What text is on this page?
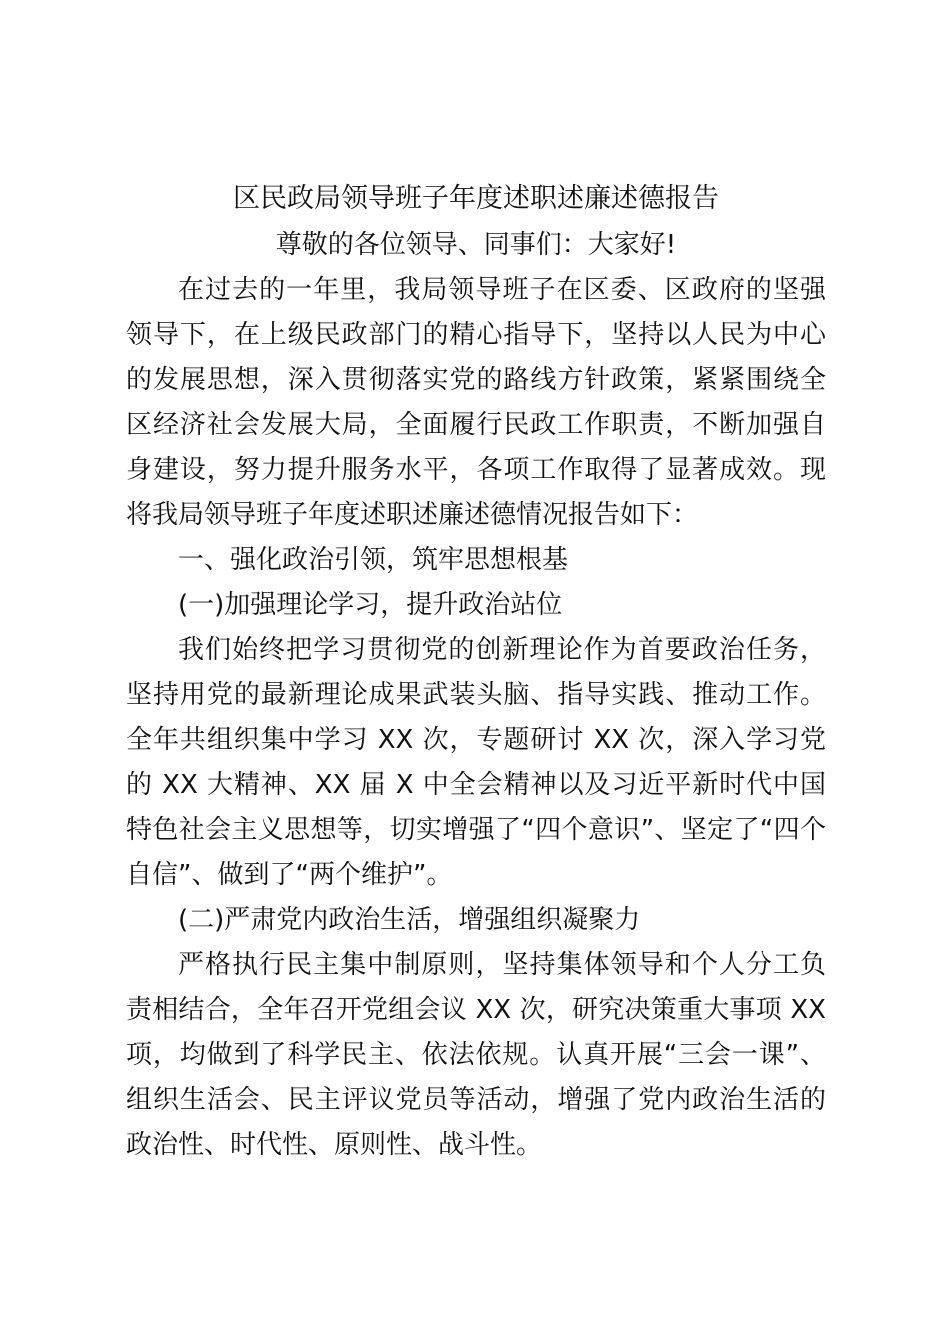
区民政局领导班子年度述职述廉述德报告

尊敬的各位领导、同事们：大家好!

在过去的一年里，我局领导班子在区委、区政府的坚强领导下，在上级民政部门的精心指导下，坚持以人民为中心的发展思想，深入贯彻落实党的路线方针政策，紧紧围绕全区经济社会发展大局，全面履行民政工作职责，不断加强自身建设，努力提升服务水平，各项工作取得了显著成效。现将我局领导班子年度述职述廉述德情况报告如下：

一、强化政治引领，筑牢思想根基

(一)加强理论学习，提升政治站位

我们始终把学习贯彻党的创新理论作为首要政治任务，坚持用党的最新理论成果武装头脑、指导实践、推动工作。全年共组织集中学习 XX 次，专题研讨 XX 次，深入学习党的 XX 大精神、XX 届 X 中全会精神以及习近平新时代中国特色社会主义思想等，切实增强了“四个意识”、坚定了“四个自信”、做到了“两个维护”。

(二)严肃党内政治生活，增强组织凝聚力

严格执行民主集中制原则，坚持集体领导和个人分工负责相结合，全年召开党组会议 XX 次，研究决策重大事项 XX 项，均做到了科学民主、依法依规。认真开展“三会一课”、组织生活会、民主评议党员等活动，增强了党内政治生活的政治性、时代性、原则性、战斗性。
